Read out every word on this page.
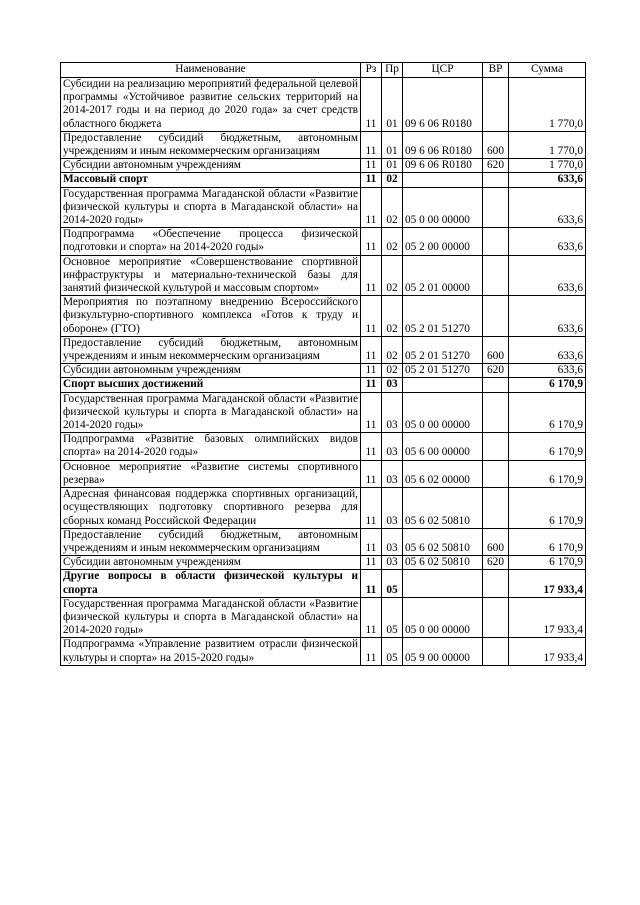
Наименование	Рз	Пр	ЦСР	ВР	Сумма
Субсидии на реализацию мероприятий федеральной целевой программы «Устойчивое развитие сельских территорий на 2014-2017 годы и на период до 2020 года» за счет средств областного бюджета	11	01	09 6 06 R0180		1 770,0
Предоставление субсидий бюджетным, автономным учреждениям и иным некоммерческим организациям	11	01	09 6 06 R0180	600	1 770,0
Субсидии автономным учреждениям	11	01	09 6 06 R0180	620	1 770,0
Массовый спорт	11	02			633,6
Государственная программа Магаданской области «Развитие физической культуры и спорта в Магаданской области» на 2014-2020 годы»	11	02	05 0 00 00000		633,6
Подпрограмма «Обеспечение процесса физической подготовки и спорта» на 2014-2020 годы»	11	02	05 2 00 00000		633,6
Основное мероприятие «Совершенствование спортивной инфраструктуры и материально-технической базы для занятий физической культурой и массовым спортом»	11	02	05 2 01 00000		633,6
Мероприятия по поэтапному внедрению Всероссийского физкультурно-спортивного комплекса «Готов к труду и обороне» (ГТО)	11	02	05 2 01 51270		633,6
Предоставление субсидий бюджетным, автономным учреждениям и иным некоммерческим организациям	11	02	05 2 01 51270	600	633,6
Субсидии автономным учреждениям	11	02	05 2 01 51270	620	633,6
Спорт высших достижений	11	03			6 170,9
Государственная программа Магаданской области «Развитие физической культуры и спорта в Магаданской области» на 2014-2020 годы»	11	03	05 0 00 00000		6 170,9
Подпрограмма «Развитие базовых олимпийских видов спорта» на 2014-2020 годы»	11	03	05 6 00 00000		6 170,9
Основное мероприятие «Развитие системы спортивного резерва»	11	03	05 6 02 00000		6 170,9
Адресная финансовая поддержка спортивных организаций, осуществляющих подготовку спортивного резерва для сборных команд Российской Федерации	11	03	05 6 02 50810		6 170,9
Предоставление субсидий бюджетным, автономным учреждениям и иным некоммерческим организациям	11	03	05 6 02 50810	600	6 170,9
Субсидии автономным учреждениям	11	03	05 6 02 50810	620	6 170,9
Другие вопросы в области физической культуры и спорта	11	05			17 933,4
Государственная программа Магаданской области «Развитие физической культуры и спорта в Магаданской области» на 2014-2020 годы»	11	05	05 0 00 00000		17 933,4
Подпрограмма «Управление развитием отрасли физической культуры и спорта» на 2015-2020 годы»	11	05	05 9 00 00000		17 933,4
